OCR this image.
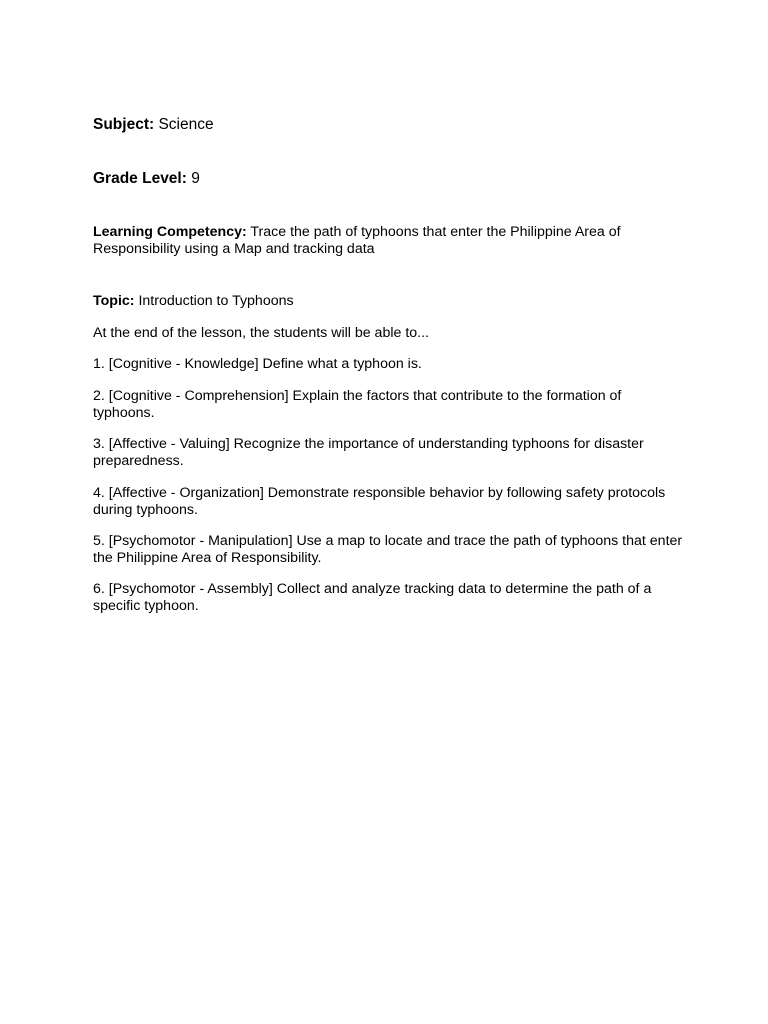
Subject: Science

Grade Level: 9

Learning Competency: Trace the path of typhoons that enter the Philippine Area of Responsibility using a Map and tracking data

Topic: Introduction to Typhoons

At the end of the lesson, the students will be able to...

1. [Cognitive - Knowledge] Define what a typhoon is.

2. [Cognitive - Comprehension] Explain the factors that contribute to the formation of typhoons.

3. [Affective - Valuing] Recognize the importance of understanding typhoons for disaster preparedness.

4. [Affective - Organization] Demonstrate responsible behavior by following safety protocols during typhoons.

5. [Psychomotor - Manipulation] Use a map to locate and trace the path of typhoons that enter the Philippine Area of Responsibility.

6. [Psychomotor - Assembly] Collect and analyze tracking data to determine the path of a specific typhoon.
